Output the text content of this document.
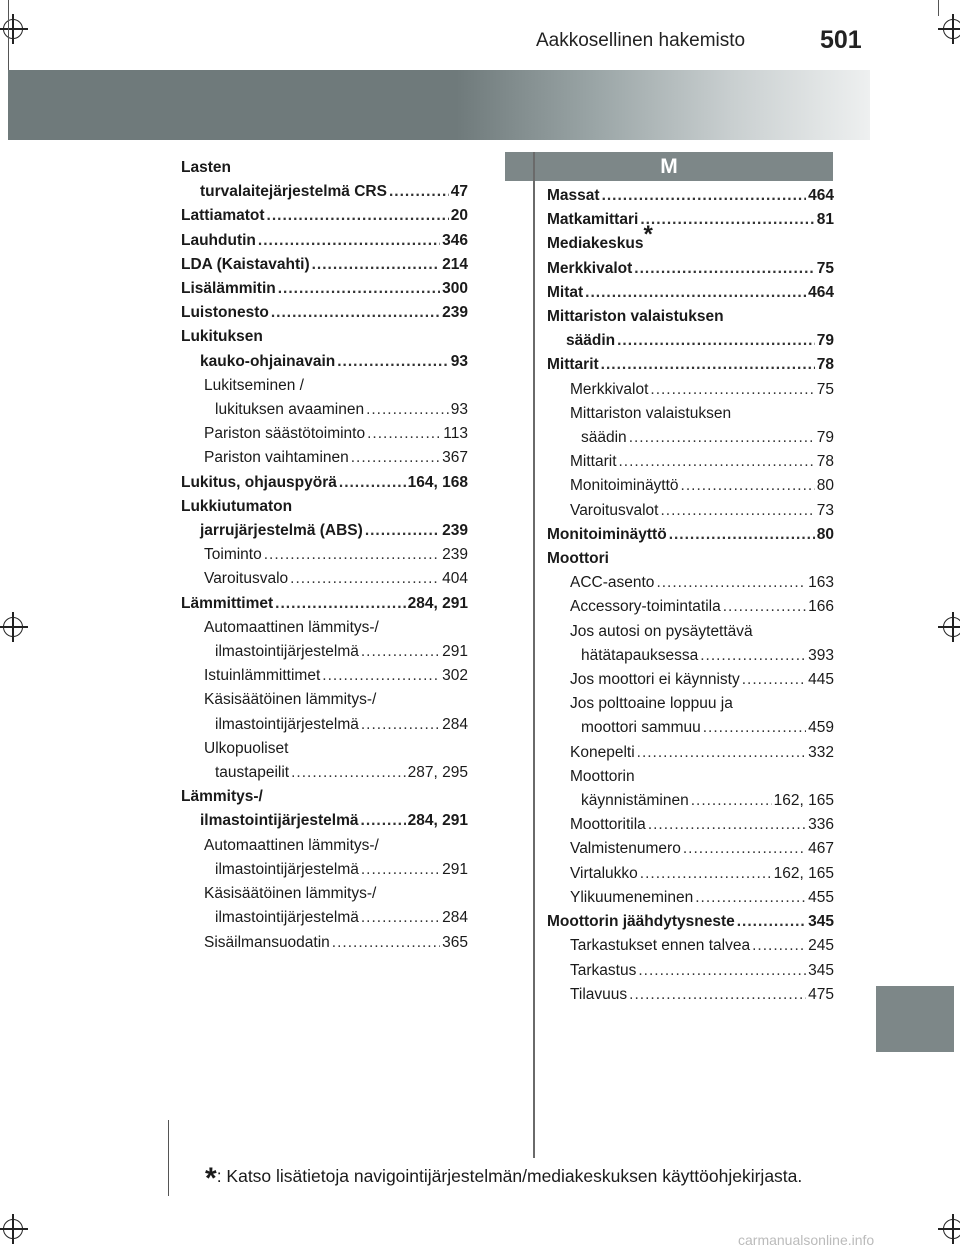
Aakkosellinen hakemisto	501
M
Lasten
turvalaitejärjestelmä CRS .....	47
Lattiamatot .....	20
Lauhdutin .....	346
LDA (Kaistavahti) .....	214
Lisälämmitin .....	300
Luistonesto .....	239
Lukituksen
kauko-ohjainavain .....	93
Lukitseminen /
lukituksen avaaminen .....	93
Pariston säästötoiminto .....	113
Pariston vaihtaminen .....	367
Lukitus, ohjauspyörä .....	164, 168
Lukkiutumaton
jarrujärjestelmä (ABS) .....	239
Toiminto .....	239
Varoitusvalo .....	404
Lämmittimet .....	284, 291
Automaattinen lämmitys-/
ilmastointijärjestelmä .....	291
Istuinlämmittimet .....	302
Käsisäätöinen lämmitys-/
ilmastointijärjestelmä .....	284
Ulkopuoliset
taustapeilit .....	287, 295
Lämmitys-/
ilmastointijärjestelmä .....	284, 291
Automaattinen lämmitys-/
ilmastointijärjestelmä .....	291
Käsisäätöinen lämmitys-/
ilmastointijärjestelmä .....	284
Sisäilmansuodatin .....	365
Massat .....	464
Matkamittari .....	81
Mediakeskus*
Merkkivalot .....	75
Mitat .....	464
Mittariston valaistuksen
säädin .....	79
Mittarit .....	78
Merkkivalot .....	75
Mittariston valaistuksen
säädin .....	79
Mittarit .....	78
Monitoiminäyttö .....	80
Varoitusvalot .....	73
Monitoiminäyttö .....	80
Moottori
ACC-asento .....	163
Accessory-toimintatila .....	166
Jos autosi on pysäytettävä
hätätapauksessa .....	393
Jos moottori ei käynnisty .....	445
Jos polttoaine loppuu ja
moottori sammuu .....	459
Konepelti .....	332
Moottorin
käynnistäminen .....	162, 165
Moottoritila .....	336
Valmistenumero .....	467
Virtalukko .....	162, 165
Ylikuumeneminen .....	455
Moottorin jäähdytysneste .....	345
Tarkastukset ennen talvea .....	245
Tarkastus .....	345
Tilavuus .....	475
*: Katso lisätietoja navigointijärjestelmän/mediakeskuksen käyttöohjekirjasta.
carmanualsonline.info
